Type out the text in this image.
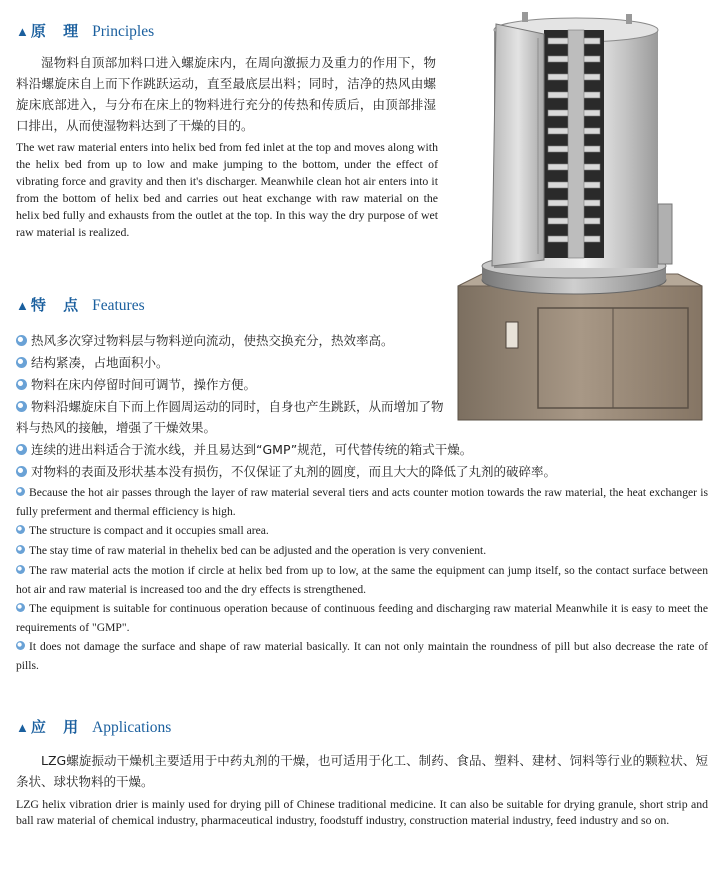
▲ 原 理 Principles
湿物料自顶部加料口进入螺旋床内，在周向激振力及重力的作用下，物料沿螺旋床自上而下作跳跃运动，直至最底层出料；同时，洁净的热风由螺旋床底部进入，与分布在床上的物料进行充分的传热和传质后，由顶部排湿口排出，从而使湿物料达到了干燥的目的。
The wet raw material enters into helix bed from fed inlet at the top and moves along with the helix bed from up to low and make jumping to the bottom, under the effect of vibrating force and gravity and then it's discharger. Meanwhile clean hot air enters into it from the bottom of helix bed and carries out heat exchange with raw material on the helix bed fully and exhausts from the outlet at the top. In this way the dry purpose of wet raw material is realized.
▲ 特 点 Features
热风多次穿过物料层与物料逆向流动，使热交换充分，热效率高。
结构紧凑，占地面积小。
物料在床内停留时间可调节，操作方便。
物料沿螺旋床自下而上作圆周运动的同时，自身也产生跳跃，从而增加了物料与热风的接触，增强了干燥效果。
连续的进出料适合于流水线，并且易达到“GMP”规范，可代替传统的箱式干燥。
对物料的表面及形状基本没有损伤，不仅保证了丸剂的圆度，而且大大的降低了丸剂的破碎率。
Because the hot air passes through the layer of raw material several tiers and acts counter motion towards the raw material, the heat exchanger is fully preferment and thermal efficiency is high.
The structure is compact and it occupies small area.
The stay time of raw material in thehelix bed can be adjusted and the operation is very convenient.
The raw material acts the motion if circle at helix bed from up to low, at the same the equipment can jump itself, so the contact surface between hot air and raw material is increased too and the dry effects is strengthened.
The equipment is suitable for continuous operation because of continuous feeding and discharging raw material Meanwhile it is easy to meet the requirements of "GMP".
It does not damage the surface and shape of raw material basically. It can not only maintain the roundness of pill but also decrease the rate of pills.
▲ 应 用 Applications
LZG螺旋振动干燥机主要适用于中药丸剂的干燥，也可适用于化工、制药、食品、塑料、建材、饲料等行业的颗粒状、短条状、球状物料的干燥。
LZG helix vibration drier is mainly used for drying pill of Chinese traditional medicine. It can also be suitable for drying granule, short strip and ball raw material of chemical industry, pharmaceutical industry, foodstuff industry, construction material industry, feed industry and so on.
